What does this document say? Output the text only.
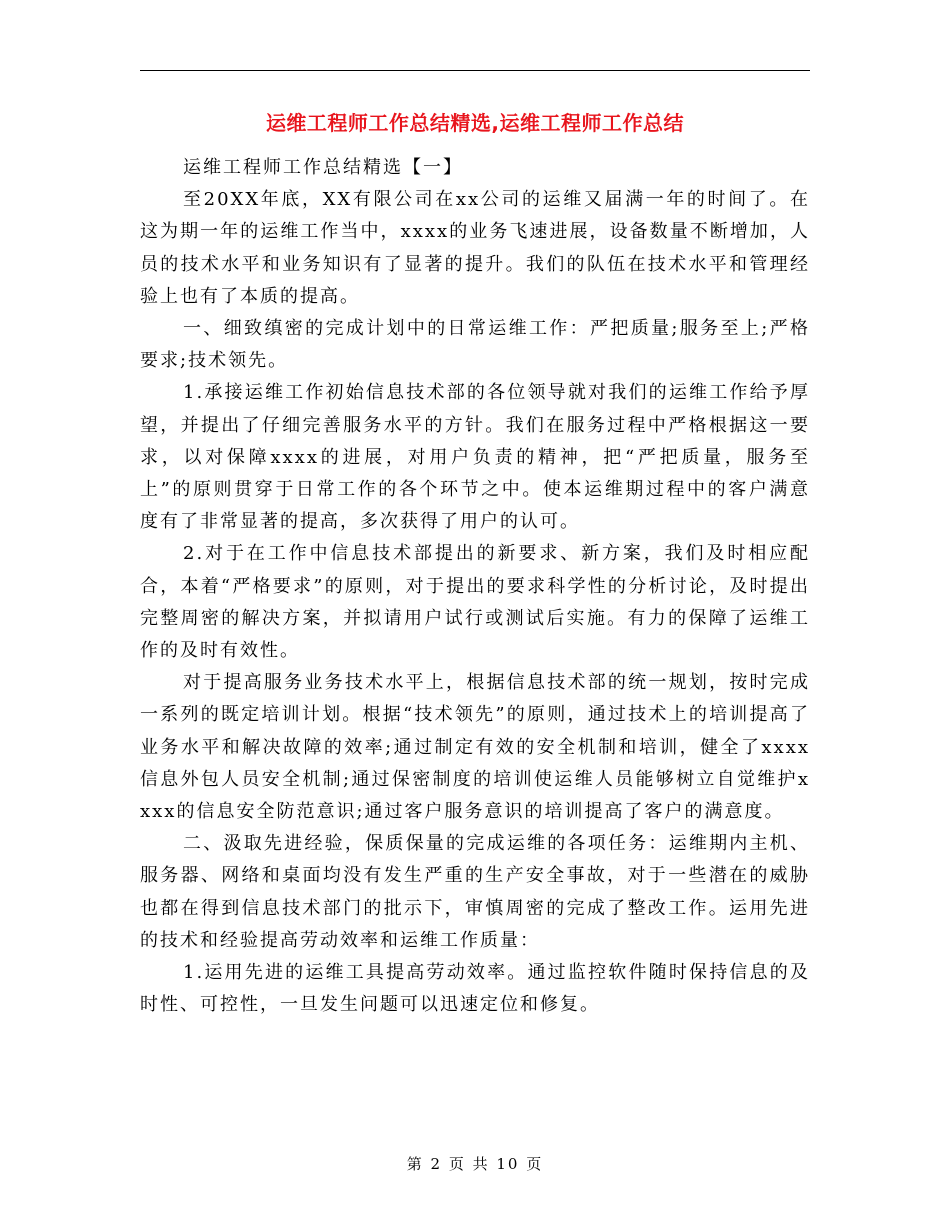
运维工程师工作总结精选,运维工程师工作总结

运维工程师工作总结精选【一】

至20XX年底，XX有限公司在xx公司的运维又届满一年的时间了。在这为期一年的运维工作当中，xxxx的业务飞速进展，设备数量不断增加，人员的技术水平和业务知识有了显著的提升。我们的队伍在技术水平和管理经验上也有了本质的提高。

一、细致缜密的完成计划中的日常运维工作：严把质量;服务至上;严格要求;技术领先。

1.承接运维工作初始信息技术部的各位领导就对我们的运维工作给予厚望，并提出了仔细完善服务水平的方针。我们在服务过程中严格根据这一要求，以对保障xxxx的进展，对用户负责的精神，把“严把质量，服务至上”的原则贯穿于日常工作的各个环节之中。使本运维期过程中的客户满意度有了非常显著的提高，多次获得了用户的认可。

2.对于在工作中信息技术部提出的新要求、新方案，我们及时相应配合，本着“严格要求”的原则，对于提出的要求科学性的分析讨论，及时提出完整周密的解决方案，并拟请用户试行或测试后实施。有力的保障了运维工作的及时有效性。

对于提高服务业务技术水平上，根据信息技术部的统一规划，按时完成一系列的既定培训计划。根据“技术领先”的原则，通过技术上的培训提高了业务水平和解决故障的效率;通过制定有效的安全机制和培训，健全了xxxx信息外包人员安全机制;通过保密制度的培训使运维人员能够树立自觉维护xxxx的信息安全防范意识;通过客户服务意识的培训提高了客户的满意度。

二、汲取先进经验，保质保量的完成运维的各项任务：运维期内主机、服务器、网络和桌面均没有发生严重的生产安全事故，对于一些潜在的威胁也都在得到信息技术部门的批示下，审慎周密的完成了整改工作。运用先进的技术和经验提高劳动效率和运维工作质量：

1.运用先进的运维工具提高劳动效率。通过监控软件随时保持信息的及时性、可控性，一旦发生问题可以迅速定位和修复。

第 2 页 共 10 页
